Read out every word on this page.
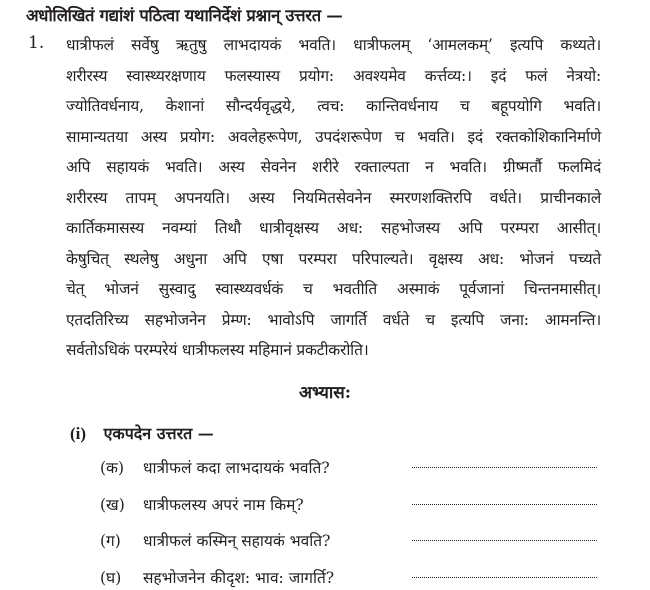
अधोलिखितं गद्यांशं पठित्वा यथानिर्देशं प्रश्नान् उत्तरत —
1. धात्रीफलं सर्वेषु ऋतुषु लाभदायकं भवति। धात्रीफलम् ‘आमलकम्’ इत्यपि कथ्यते।
शरीरस्य स्वास्थ्यरक्षणाय फलस्यास्य प्रयोग: अवश्यमेव कर्त्तव्य:। इदं फलं नेत्रयो:
ज्योतिवर्धनाय, केशानां सौन्दर्यवृद्धये, त्वच: कान्तिवर्धनाय च बहूपयोगि भवति।
सामान्यतया अस्य प्रयोग: अवलेहरूपेण, उपदंशरूपेण च भवति। इदं रक्तकोशिकानिर्माणे
अपि सहायकं भवति। अस्य सेवनेन शरीरे रक्ताल्पता न भवति। ग्रीष्मर्तौ फलमिदं
शरीरस्य तापम् अपनयति। अस्य नियमितसेवनेन स्मरणशक्तिरपि वर्धते। प्राचीनकाले
कार्तिकमासस्य नवम्यां तिथौ धात्रीवृक्षस्य अध: सहभोजस्य अपि परम्परा आसीत्।
केषुचित् स्थलेषु अधुना अपि एषा परम्परा परिपाल्यते। वृक्षस्य अध: भोजनं पच्यते
चेत् भोजनं सुस्वादु स्वास्थ्यवर्धकं च भवतीति अस्माकं पूर्वजानां चिन्तनमासीत्।
एतदतिरिच्य सहभोजनेन प्रेम्ण: भावोऽपि जागर्ति वर्धते च इत्यपि जना: आमनन्ति।
सर्वतोऽधिकं परम्परेयं धात्रीफलस्य महिमानं प्रकटीकरोति।
अभ्यास:
(i) एकपदेन उत्तरत —
(क) धात्रीफलं कदा लाभदायकं भवति?
(ख) धात्रीफलस्य अपरं नाम किम्?
(ग) धात्रीफलं कस्मिन् सहायकं भवति?
(घ) सहभोजनेन कीदृश: भाव: जागर्ति?
